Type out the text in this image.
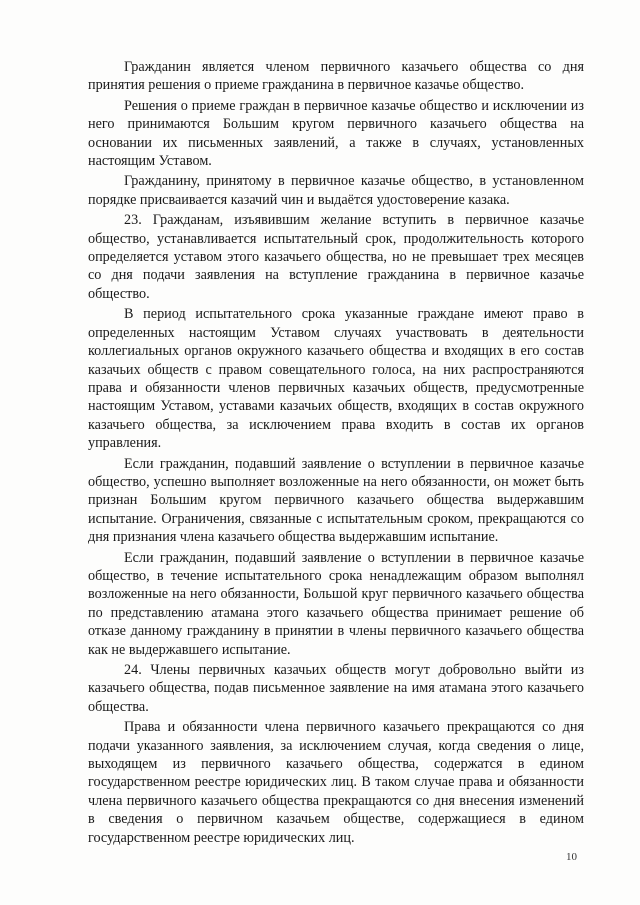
Гражданин является членом первичного казачьего общества со дня принятия решения о приеме гражданина в первичное казачье общество.

Решения о приеме граждан в первичное казачье общество и исключении из него принимаются Большим кругом первичного казачьего общества на основании их письменных заявлений, а также в случаях, установленных настоящим Уставом.

Гражданину, принятому в первичное казачье общество, в установленном порядке присваивается казачий чин и выдаётся удостоверение казака.

23. Гражданам, изъявившим желание вступить в первичное казачье общество, устанавливается испытательный срок, продолжительность которого определяется уставом этого казачьего общества, но не превышает трех месяцев со дня подачи заявления на вступление гражданина в первичное казачье общество.

В период испытательного срока указанные граждане имеют право в определенных настоящим Уставом случаях участвовать в деятельности коллегиальных органов окружного казачьего общества и входящих в его состав казачьих обществ с правом совещательного голоса, на них распространяются права и обязанности членов первичных казачьих обществ, предусмотренные настоящим Уставом, уставами казачьих обществ, входящих в состав окружного казачьего общества, за исключением права входить в состав их органов управления.

Если гражданин, подавший заявление о вступлении в первичное казачье общество, успешно выполняет возложенные на него обязанности, он может быть признан Большим кругом первичного казачьего общества выдержавшим испытание. Ограничения, связанные с испытательным сроком, прекращаются со дня признания члена казачьего общества выдержавшим испытание.

Если гражданин, подавший заявление о вступлении в первичное казачье общество, в течение испытательного срока ненадлежащим образом выполнял возложенные на него обязанности, Большой круг первичного казачьего общества по представлению атамана этого казачьего общества принимает решение об отказе данному гражданину в принятии в члены первичного казачьего общества как не выдержавшего испытание.

24. Члены первичных казачьих обществ могут добровольно выйти из казачьего общества, подав письменное заявление на имя атамана этого казачьего общества.

Права и обязанности члена первичного казачьего прекращаются со дня подачи указанного заявления, за исключением случая, когда сведения о лице, выходящем из первичного казачьего общества, содержатся в едином государственном реестре юридических лиц. В таком случае права и обязанности члена первичного казачьего общества прекращаются со дня внесения изменений в сведения о первичном казачьем обществе, содержащиеся в едином государственном реестре юридических лиц.

10
